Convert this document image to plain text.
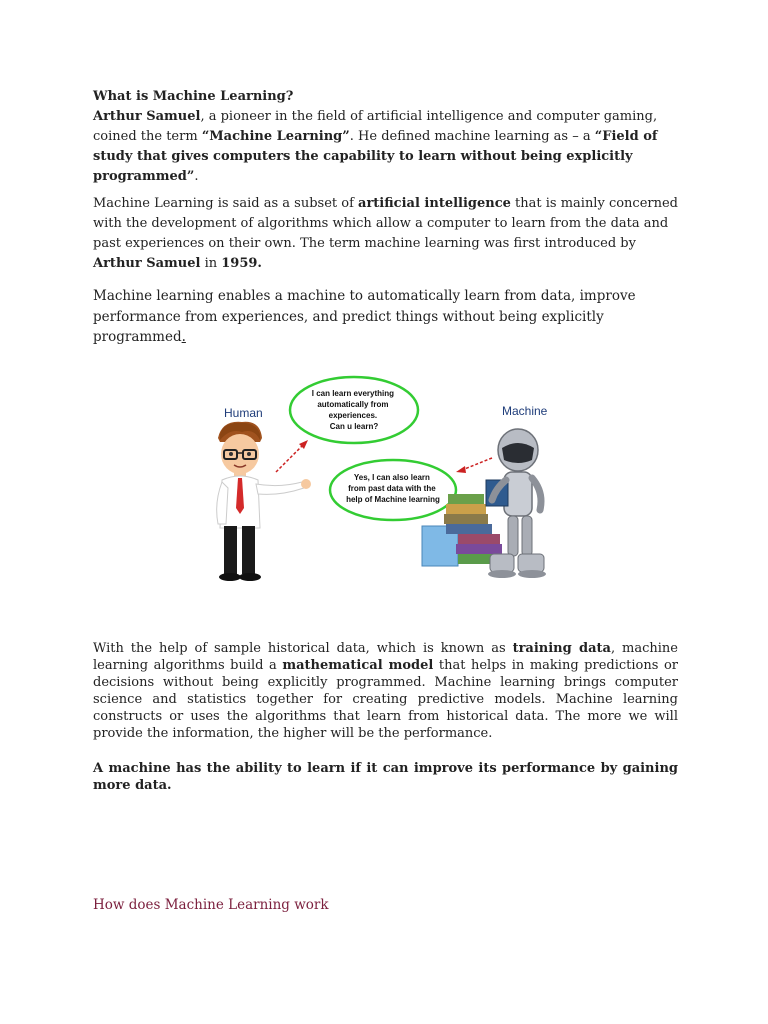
What is Machine Learning?

Arthur Samuel, a pioneer in the field of artificial intelligence and computer gaming, coined the term “Machine Learning”. He defined machine learning as – a “Field of study that gives computers the capability to learn without being explicitly programmed”.

Machine Learning is said as a subset of artificial intelligence that is mainly concerned with the development of algorithms which allow a computer to learn from the data and past experiences on their own. The term machine learning was first introduced by Arthur Samuel in 1959.

Machine learning enables a machine to automatically learn from data, improve performance from experiences, and predict things without being explicitly programmed.

Human	Machine
I can learn everything automatically from experiences. Can u learn?
Yes, I can also learn from past data with the help of Machine learning

With the help of sample historical data, which is known as training data, machine learning algorithms build a mathematical model that helps in making predictions or decisions without being explicitly programmed. Machine learning brings computer science and statistics together for creating predictive models. Machine learning constructs or uses the algorithms that learn from historical data. The more we will provide the information, the higher will be the performance.

A machine has the ability to learn if it can improve its performance by gaining more data.

How does Machine Learning work
